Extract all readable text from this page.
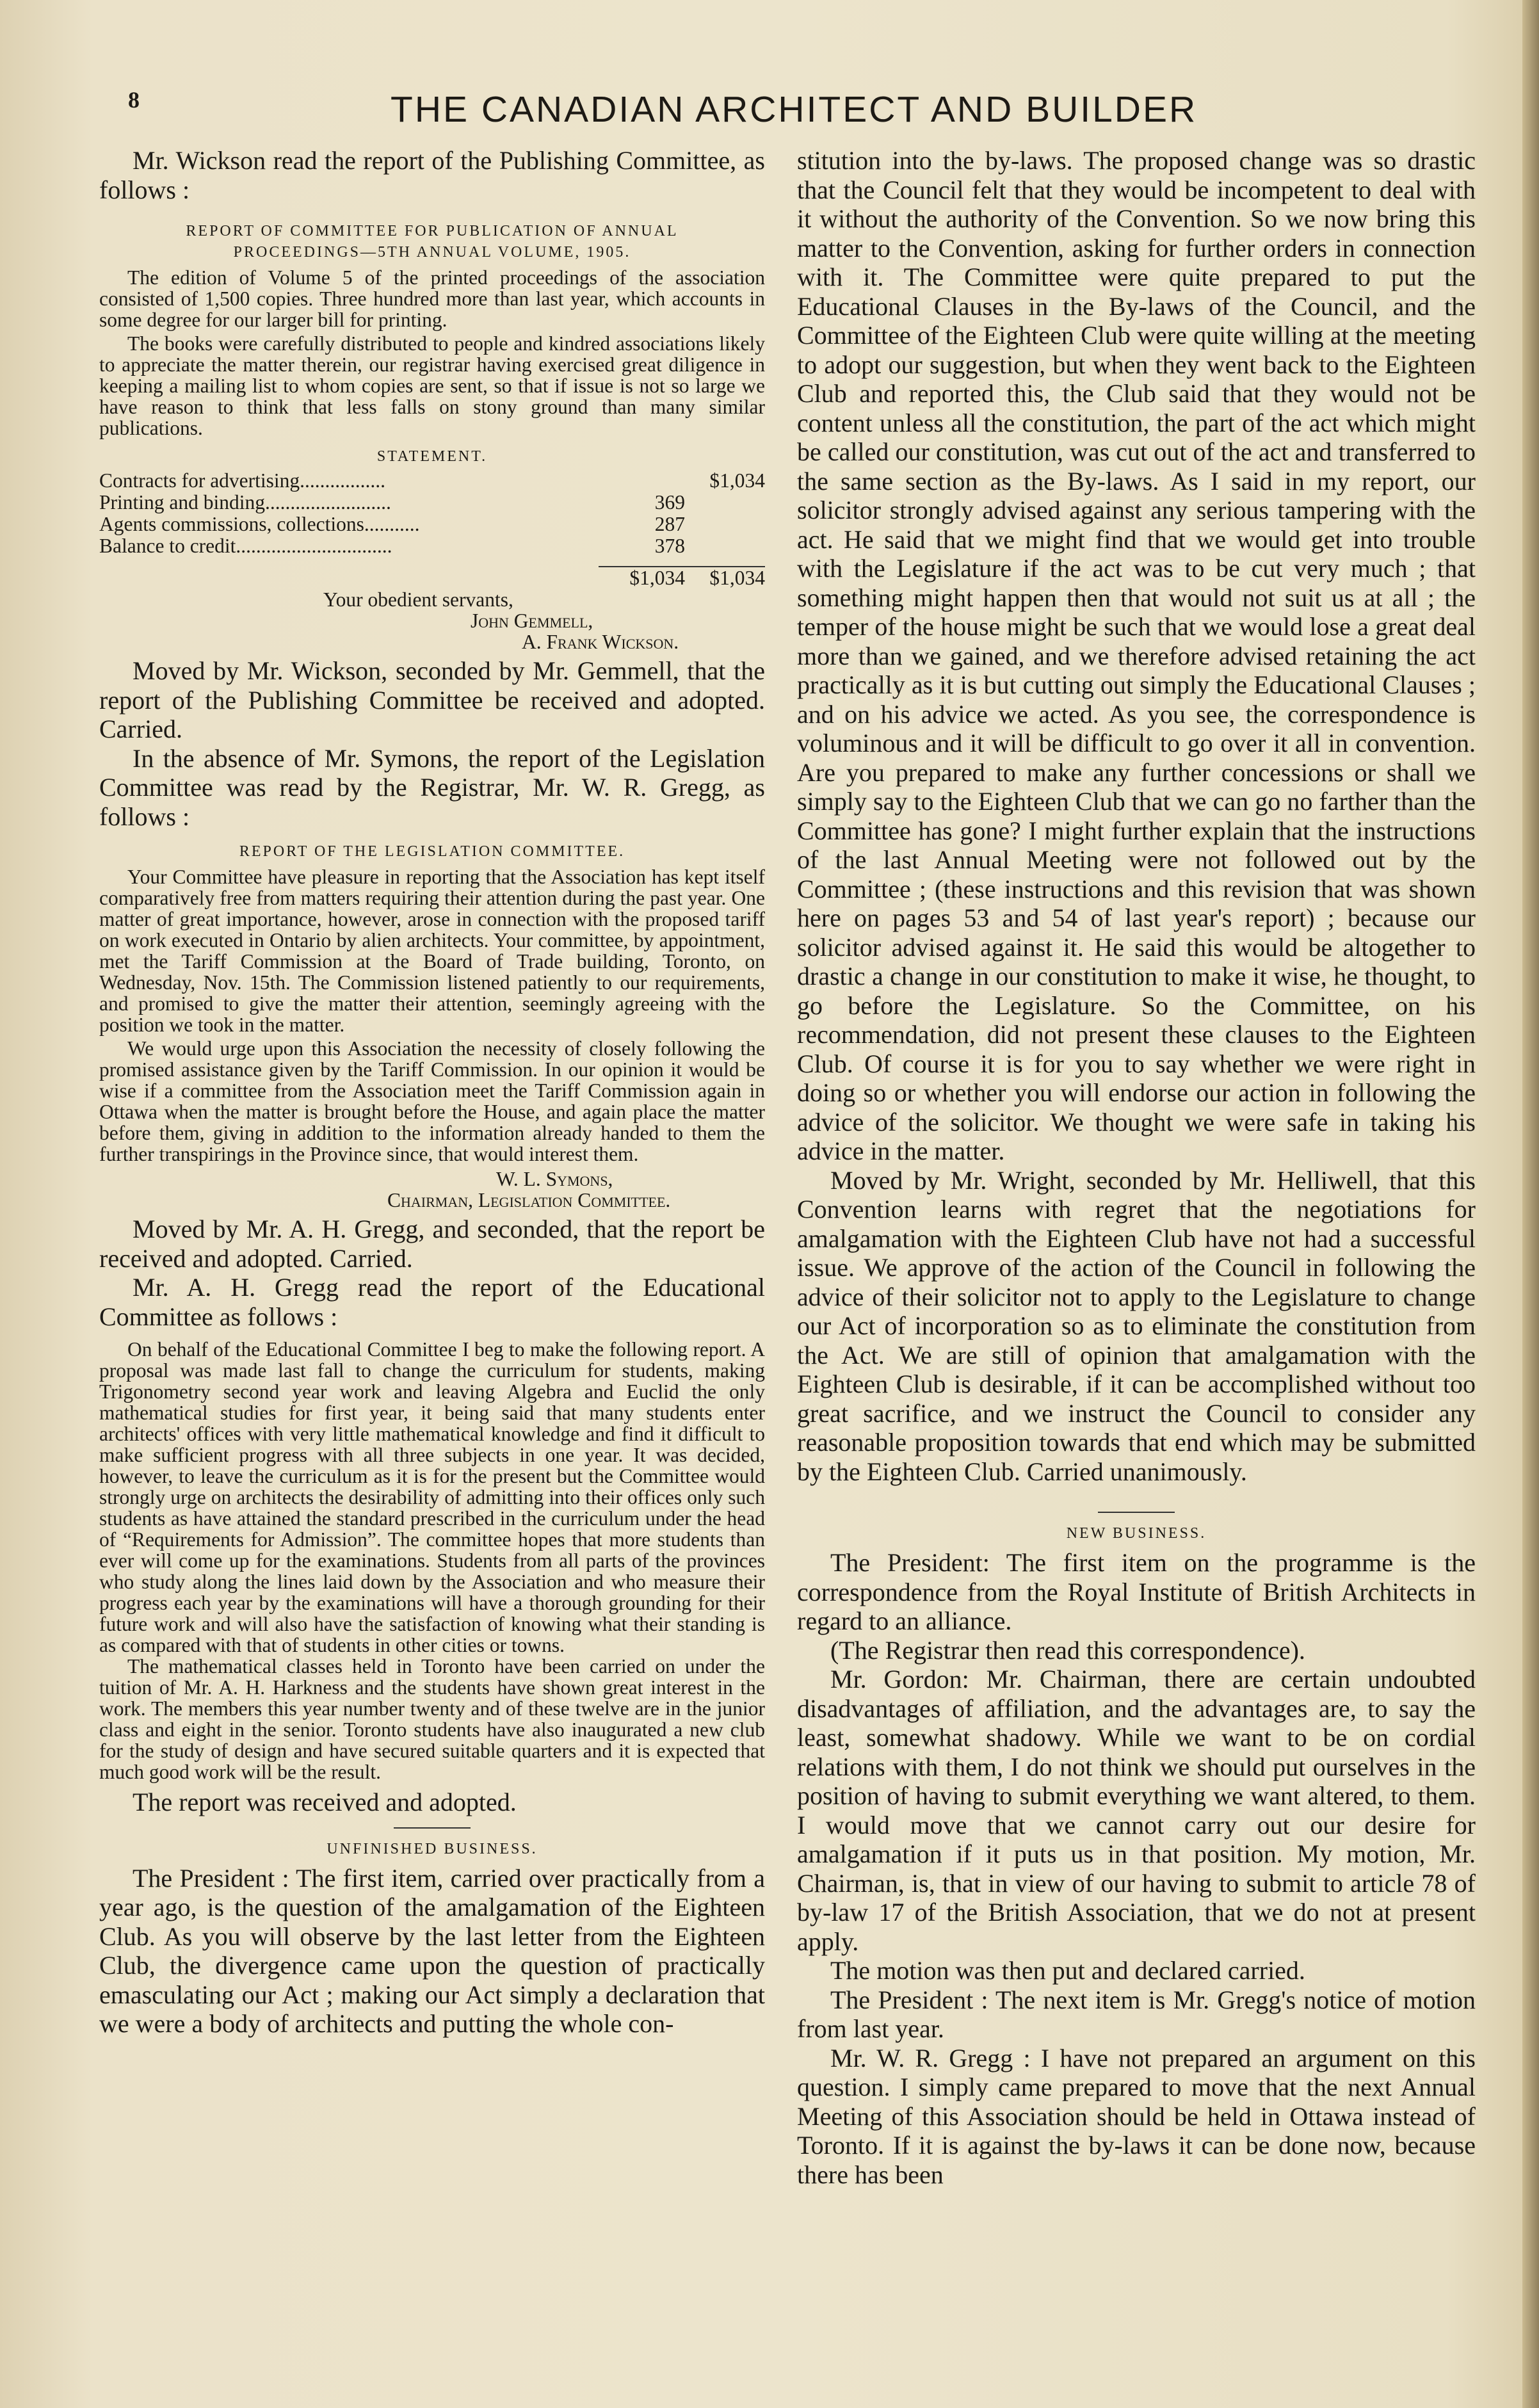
8	THE CANADIAN ARCHITECT AND BUILDER

Mr. Wickson read the report of the Publishing Committee, as follows :

REPORT OF COMMITTEE FOR PUBLICATION OF ANNUAL PROCEEDINGS—5TH ANNUAL VOLUME, 1905.

The edition of Volume 5 of the printed proceedings of the association consisted of 1,500 copies. Three hundred more than last year, which accounts in some degree for our larger bill for printing.

The books were carefully distributed to people and kindred associations likely to appreciate the matter therein, our registrar having exercised great diligence in keeping a mailing list to whom copies are sent, so that if issue is not so large we have reason to think that less falls on stony ground than many similar publications.

STATEMENT.
Contracts for advertising.................	$1,034
Printing and binding.........................	369
Agents commissions, collections...........	287
Balance to credit...............................	378
$1,034	$1,034
Your obedient servants,
John Gemmell,
A. Frank Wickson.

Moved by Mr. Wickson, seconded by Mr. Gemmell, that the report of the Publishing Committee be received and adopted. Carried.

In the absence of Mr. Symons, the report of the Legislation Committee was read by the Registrar, Mr. W. R. Gregg, as follows :

REPORT OF THE LEGISLATION COMMITTEE.

Your Committee have pleasure in reporting that the Association has kept itself comparatively free from matters requiring their attention during the past year. One matter of great importance, however, arose in connection with the proposed tariff on work executed in Ontario by alien architects. Your committee, by appointment, met the Tariff Commission at the Board of Trade building, Toronto, on Wednesday, Nov. 15th. The Commission listened patiently to our requirements, and promised to give the matter their attention, seemingly agreeing with the position we took in the matter.

We would urge upon this Association the necessity of closely following the promised assistance given by the Tariff Commission. In our opinion it would be wise if a committee from the Association meet the Tariff Commission again in Ottawa when the matter is brought before the House, and again place the matter before them, giving in addition to the information already handed to them the further transpirings in the Province since, that would interest them.

W. L. Symons,
Chairman, Legislation Committee.

Moved by Mr. A. H. Gregg, and seconded, that the report be received and adopted. Carried.

Mr. A. H. Gregg read the report of the Educational Committee as follows :

On behalf of the Educational Committee I beg to make the following report. A proposal was made last fall to change the curriculum for students, making Trigonometry second year work and leaving Algebra and Euclid the only mathematical studies for first year, it being said that many students enter architects' offices with very little mathematical knowledge and find it difficult to make sufficient progress with all three subjects in one year. It was decided, however, to leave the curriculum as it is for the present but the Committee would strongly urge on architects the desirability of admitting into their offices only such students as have attained the standard prescribed in the curriculum under the head of “Requirements for Admission”. The committee hopes that more students than ever will come up for the examinations. Students from all parts of the provinces who study along the lines laid down by the Association and who measure their progress each year by the examinations will have a thorough grounding for their future work and will also have the satisfaction of knowing what their standing is as compared with that of students in other cities or towns.

The mathematical classes held in Toronto have been carried on under the tuition of Mr. A. H. Harkness and the students have shown great interest in the work. The members this year number twenty and of these twelve are in the junior class and eight in the senior. Toronto students have also inaugurated a new club for the study of design and have secured suitable quarters and it is expected that much good work will be the result.

The report was received and adopted.

UNFINISHED BUSINESS.

The President : The first item, carried over practically from a year ago, is the question of the amalgamation of the Eighteen Club. As you will observe by the last letter from the Eighteen Club, the divergence came upon the question of practically emasculating our Act ; making our Act simply a declaration that we were a body of architects and putting the whole con-

stitution into the by-laws. The proposed change was so drastic that the Council felt that they would be incompetent to deal with it without the authority of the Convention. So we now bring this matter to the Convention, asking for further orders in connection with it. The Committee were quite prepared to put the Educational Clauses in the By-laws of the Council, and the Committee of the Eighteen Club were quite willing at the meeting to adopt our suggestion, but when they went back to the Eighteen Club and reported this, the Club said that they would not be content unless all the constitution, the part of the act which might be called our constitution, was cut out of the act and transferred to the same section as the By-laws. As I said in my report, our solicitor strongly advised against any serious tampering with the act. He said that we might find that we would get into trouble with the Legislature if the act was to be cut very much ; that something might happen then that would not suit us at all ; the temper of the house might be such that we would lose a great deal more than we gained, and we therefore advised retaining the act practically as it is but cutting out simply the Educational Clauses ; and on his advice we acted. As you see, the correspondence is voluminous and it will be difficult to go over it all in convention. Are you prepared to make any further concessions or shall we simply say to the Eighteen Club that we can go no farther than the Committee has gone? I might further explain that the instructions of the last Annual Meeting were not followed out by the Committee ; (these instructions and this revision that was shown here on pages 53 and 54 of last year's report) ; because our solicitor advised against it. He said this would be altogether to drastic a change in our constitution to make it wise, he thought, to go before the Legislature. So the Committee, on his recommendation, did not present these clauses to the Eighteen Club. Of course it is for you to say whether we were right in doing so or whether you will endorse our action in following the advice of the solicitor. We thought we were safe in taking his advice in the matter.

Moved by Mr. Wright, seconded by Mr. Helliwell, that this Convention learns with regret that the negotiations for amalgamation with the Eighteen Club have not had a successful issue. We approve of the action of the Council in following the advice of their solicitor not to apply to the Legislature to change our Act of incorporation so as to eliminate the constitution from the Act. We are still of opinion that amalgamation with the Eighteen Club is desirable, if it can be accomplished without too great sacrifice, and we instruct the Council to consider any reasonable proposition towards that end which may be submitted by the Eighteen Club. Carried unanimously.

NEW BUSINESS.

The President: The first item on the programme is the correspondence from the Royal Institute of British Architects in regard to an alliance.

(The Registrar then read this correspondence).

Mr. Gordon: Mr. Chairman, there are certain undoubted disadvantages of affiliation, and the advantages are, to say the least, somewhat shadowy. While we want to be on cordial relations with them, I do not think we should put ourselves in the position of having to submit everything we want altered, to them. I would move that we cannot carry out our desire for amalgamation if it puts us in that position. My motion, Mr. Chairman, is, that in view of our having to submit to article 78 of by-law 17 of the British Association, that we do not at present apply.

The motion was then put and declared carried.

The President : The next item is Mr. Gregg's notice of motion from last year.

Mr. W. R. Gregg : I have not prepared an argument on this question. I simply came prepared to move that the next Annual Meeting of this Association should be held in Ottawa instead of Toronto. If it is against the by-laws it can be done now, because there has been
